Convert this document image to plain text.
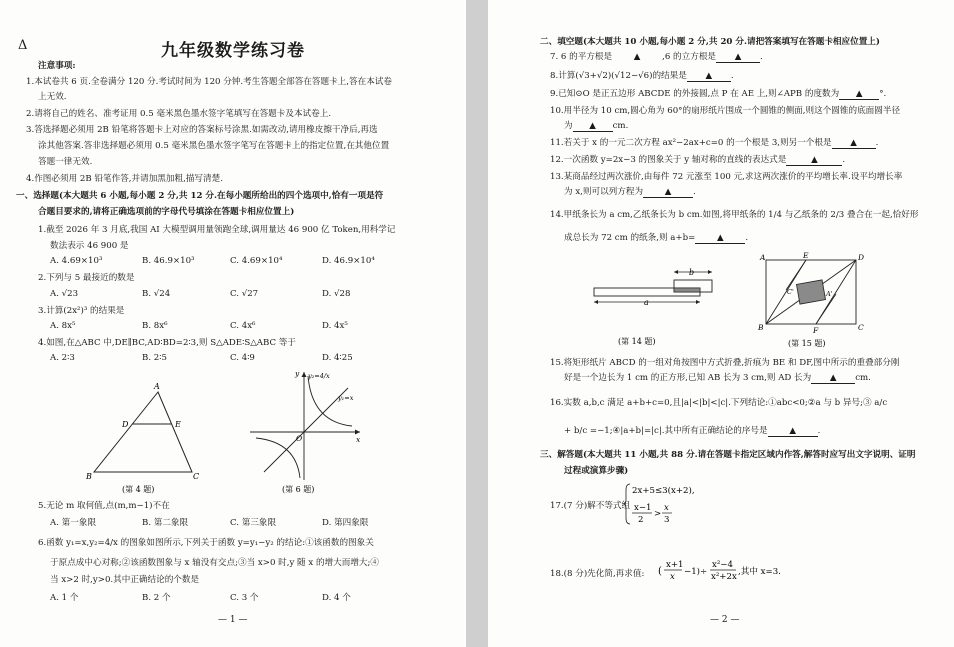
Δ	九年级数学练习卷
注意事项:
1.本试卷共 6 页.全卷满分 120 分.考试时间为 120 分钟.考生答题全部答在答题卡上,答在本试卷
上无效.
2.请将自己的姓名、准考证用 0.5 毫米黑色墨水签字笔填写在答题卡及本试卷上.
3.答选择题必须用 2B 铅笔将答题卡上对应的答案标号涂黑.如需改动,请用橡皮擦干净后,再选
涂其他答案.答非选择题必须用 0.5 毫米黑色墨水签字笔写在答题卡上的指定位置,在其他位置
答题一律无效.
4.作图必须用 2B 铅笔作答,并请加黑加粗,描写清楚.
一、选择题(本大题共 6 小题,每小题 2 分,共 12 分.在每小题所给出的四个选项中,恰有一项是符
合题目要求的,请将正确选项前的字母代号填涂在答题卡相应位置上)
1.截至 2026 年 3 月底,我国 AI 大模型调用量领跑全球,调用量达 46 900 亿 Token,用科学记
数法表示 46 900 是
A. 4.69×10³	B. 46.9×10³	C. 4.69×10⁴	D. 46.9×10⁴
2.下列与 5 最接近的数是
A. √23	B. √24	C. √27	D. √28
3.计算(2x²)³ 的结果是
A. 8x⁵	B. 8x⁶	C. 4x⁶	D. 4x⁵
4.如图,在△ABC 中,DE∥BC,AD∶BD=2∶3,则 S△ADE∶S△ABC 等于
A. 2∶3	B. 2∶5	C. 4∶9	D. 4∶25
A
D	E
B	C
(第 4 题)
y
x
O
y₂=4/x
y₁=x
(第 6 题)
5.无论 m 取何值,点(m,m−1)不在
A. 第一象限	B. 第二象限	C. 第三象限	D. 第四象限
6.函数 y₁=x,y₂=4/x 的图象如图所示,下列关于函数 y=y₁−y₂ 的结论:①该函数的图象关
于原点成中心对称;②该函数图象与 x 轴没有交点;③当 x>0 时,y 随 x 的增大而增大;④
当 x>2 时,y>0.其中正确结论的个数是
A. 1 个	B. 2 个	C. 3 个	D. 4 个
— 1 —
二、填空题(本大题共 10 小题,每小题 2 分,共 20 分.请把答案填写在答题卡相应位置上)
7. 6 的平方根是	▲	,6 的立方根是 ▲ .
8.计算(√3+√2)(√12−√6)的结果是 ▲ .
9.已知⊙O 是正五边形 ABCDE 的外接圆,点 P 在 AE 上,则∠APB 的度数为 ▲ °.
10.用半径为 10 cm,圆心角为 60°的扇形纸片围成一个圆锥的侧面,则这个圆锥的底面圆半径
为 ▲ cm.
11.若关于 x 的一元二次方程 ax²−2ax+c=0 的一个根是 3,则另一个根是 ▲ .
12.一次函数 y=2x−3 的图象关于 y 轴对称的直线的表达式是	▲	.
13.某商品经过两次涨价,由每件 72 元涨至 100 元,求这两次涨价的平均增长率.设平均增长率
为 x,则可以列方程为	▲	.
14.甲纸条长为 a cm,乙纸条长为 b cm.如图,将甲纸条的 1/4 与乙纸条的 2/3 叠合在一起,恰好形
成总长为 72 cm 的纸条,则 a+b=	▲	.
b
a
(第 14 题)
A	E	D
B	F	C
C'	A'
(第 15 题)
15.将矩形纸片 ABCD 的一组对角按图中方式折叠,折痕为 BE 和 DF,图中所示的重叠部分刚
好是一个边长为 1 cm 的正方形,已知 AB 长为 3 cm,则 AD 长为 ▲ cm.
16.实数 a,b,c 满足 a+b+c=0,且|a|<|b|<|c|.下列结论:①abc<0;②a 与 b 异号;③ a/c
+ b/c =−1;④|a+b|=|c|.其中所有正确结论的序号是	▲	.
三、解答题(本大题共 11 小题,共 88 分.请在答题卡指定区域内作答,解答时应写出文字说明、证明
过程或演算步骤)
17.(7 分)解不等式组
2x+5≤3(x+2),
x−1
2
>
x
3
18.(8 分)先化简,再求值: (
x+1
x −1)÷
x²−4
x²+2x ,其中 x=3.
— 2 —
